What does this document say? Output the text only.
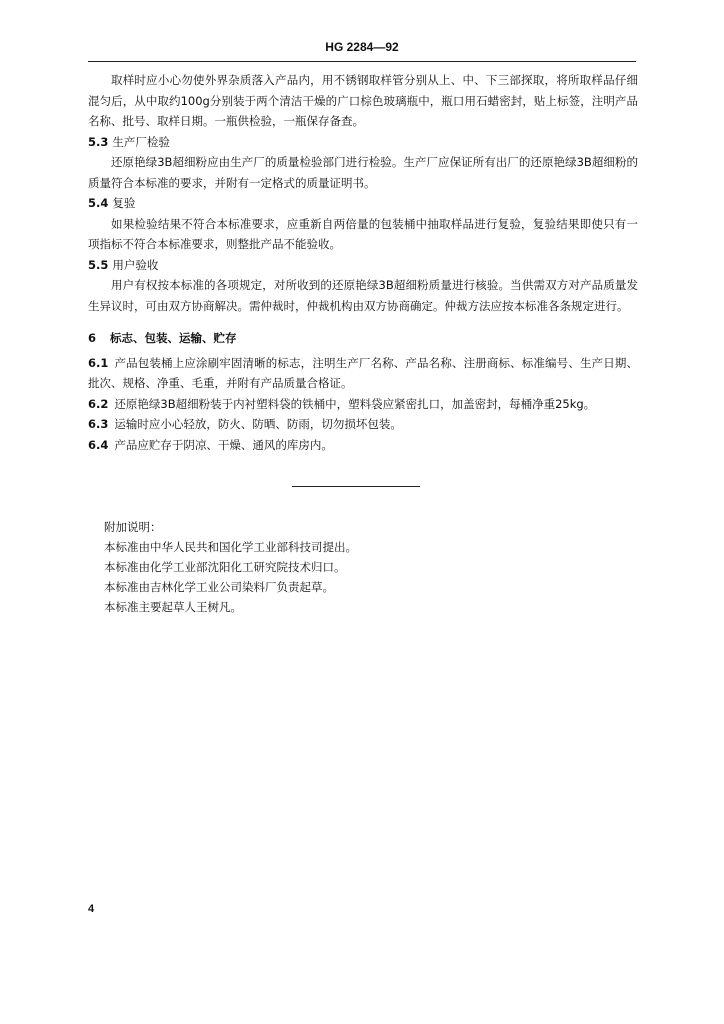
HG 2284—92

取样时应小心勿使外界杂质落入产品内，用不锈钢取样管分别从上、中、下三部探取，将所取样品仔细混匀后，从中取约100g分别装于两个清洁干燥的广口棕色玻璃瓶中，瓶口用石蜡密封，贴上标签，注明产品名称、批号、取样日期。一瓶供检验，一瓶保存备查。

5.3 生产厂检验

还原艳绿3B超细粉应由生产厂的质量检验部门进行检验。生产厂应保证所有出厂的还原艳绿3B超细粉的质量符合本标准的要求，并附有一定格式的质量证明书。

5.4 复验

如果检验结果不符合本标准要求，应重新自两倍量的包装桶中抽取样品进行复验，复验结果即使只有一项指标不符合本标准要求，则整批产品不能验收。

5.5 用户验收

用户有权按本标准的各项规定，对所收到的还原艳绿3B超细粉质量进行核验。当供需双方对产品质量发生异议时，可由双方协商解决。需仲裁时，仲裁机构由双方协商确定。仲裁方法应按本标准各条规定进行。

6 标志、包装、运输、贮存

6.1 产品包装桶上应涂刷牢固清晰的标志，注明生产厂名称、产品名称、注册商标、标准编号、生产日期、批次、规格、净重、毛重，并附有产品质量合格证。

6.2 还原艳绿3B超细粉装于内衬塑料袋的铁桶中，塑料袋应紧密扎口，加盖密封，每桶净重25kg。

6.3 运输时应小心轻放，防火、防晒、防雨，切勿损坏包装。

6.4 产品应贮存于阴凉、干燥、通风的库房内。

附加说明：

本标准由中华人民共和国化学工业部科技司提出。

本标准由化学工业部沈阳化工研究院技术归口。

本标准由吉林化学工业公司染料厂负责起草。

本标准主要起草人王树凡。

4
